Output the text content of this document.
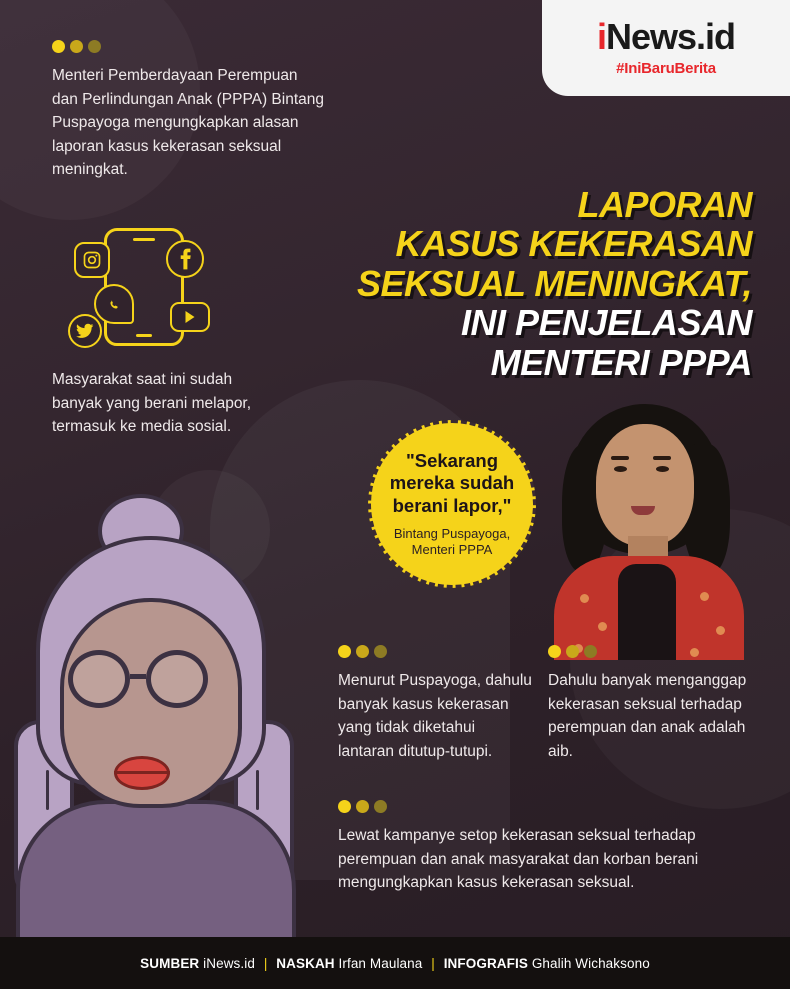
iNews.id
#IniBaruBerita
Menteri Pemberdayaan Perempuan dan Perlindungan Anak (PPPA) Bintang Puspayoga mengungkapkan alasan laporan kasus kekerasan seksual meningkat.
Masyarakat saat ini sudah banyak yang berani melapor, termasuk ke media sosial.
LAPORAN
KASUS KEKERASAN
SEKSUAL MENINGKAT,
INI PENJELASAN
MENTERI PPPA
"Sekarang mereka sudah berani lapor,"
Bintang Puspayoga, Menteri PPPA
Menurut Puspayoga, dahulu banyak kasus kekerasan yang tidak diketahui lantaran ditutup-tutupi.
Dahulu banyak menganggap kekerasan seksual terhadap perempuan dan anak adalah aib.
Lewat kampanye setop kekerasan seksual terhadap perempuan dan anak masyarakat dan korban berani mengungkapkan kasus kekerasan seksual.
SUMBER iNews.id | NASKAH Irfan Maulana | INFOGRAFIS Ghalih Wichaksono
